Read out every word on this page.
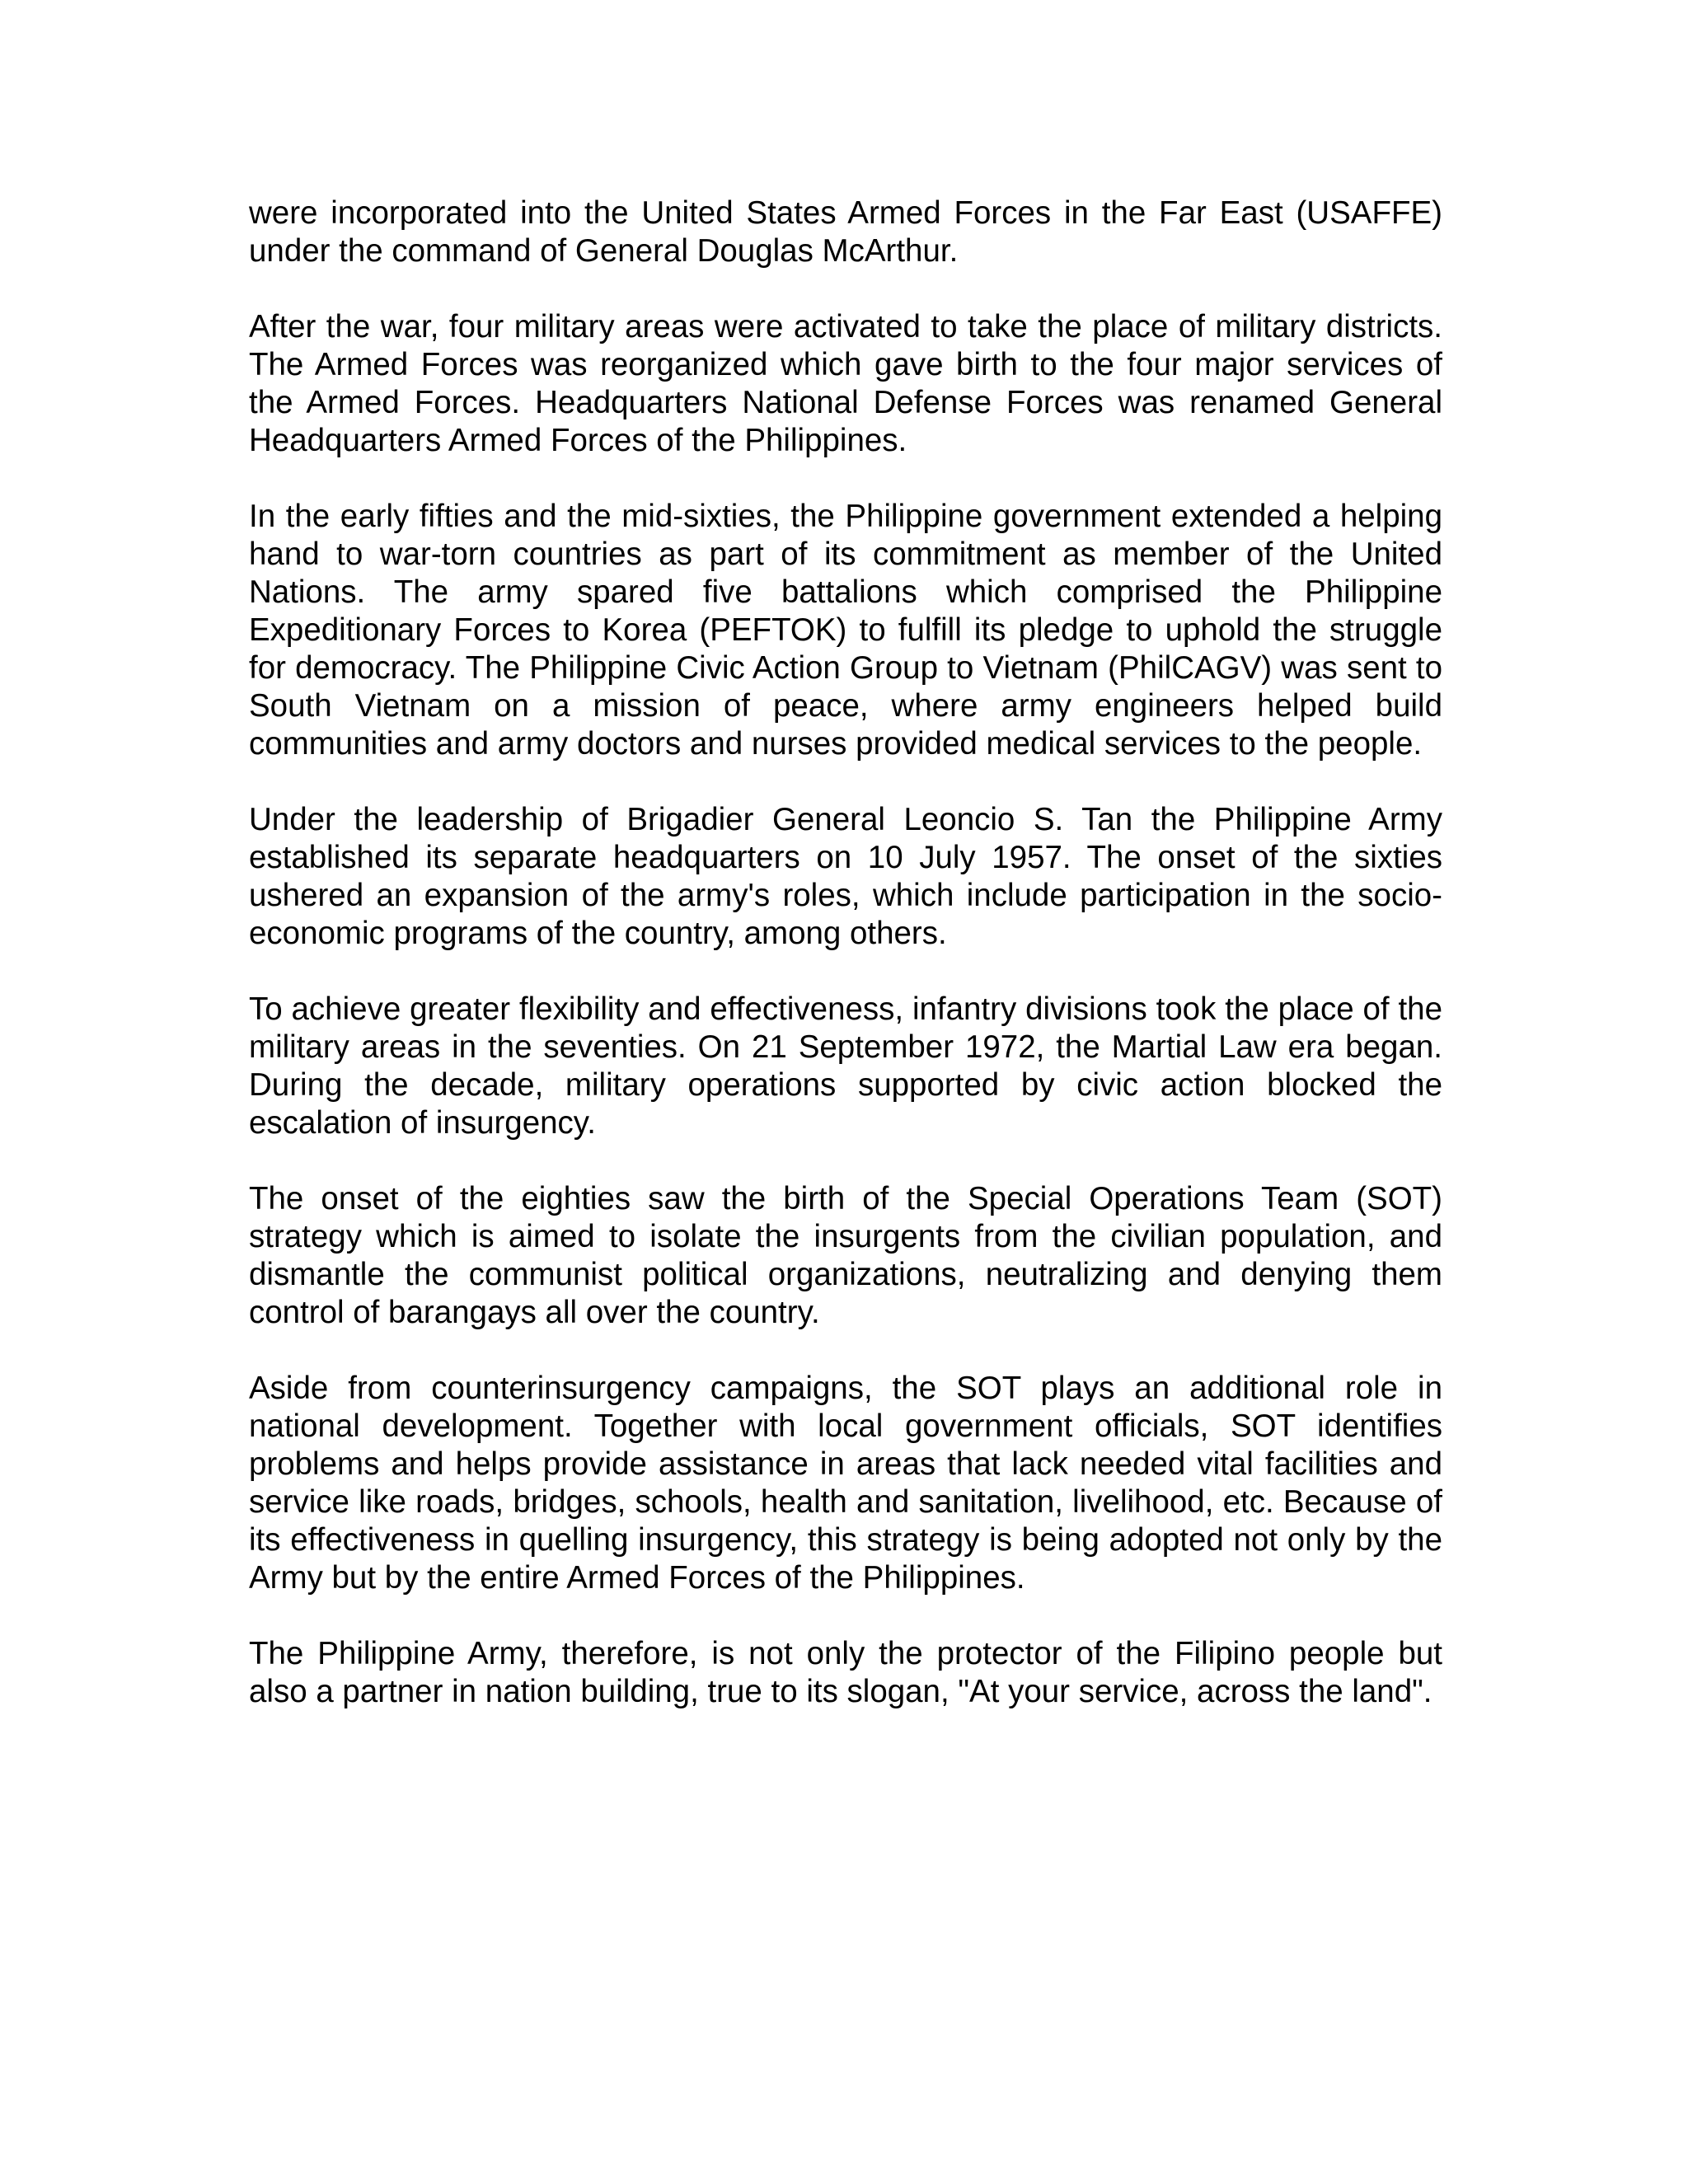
were incorporated into the United States Armed Forces in the Far East (USAFFE) under the command of General Douglas McArthur.

After the war, four military areas were activated to take the place of military districts. The Armed Forces was reorganized which gave birth to the four major services of the Armed Forces. Headquarters National Defense Forces was renamed General Headquarters Armed Forces of the Philippines.

In the early fifties and the mid-sixties, the Philippine government extended a helping hand to war-torn countries as part of its commitment as member of the United Nations. The army spared five battalions which comprised the Philippine Expeditionary Forces to Korea (PEFTOK) to fulfill its pledge to uphold the struggle for democracy. The Philippine Civic Action Group to Vietnam (PhilCAGV) was sent to South Vietnam on a mission of peace, where army engineers helped build communities and army doctors and nurses provided medical services to the people.

Under the leadership of Brigadier General Leoncio S. Tan the Philippine Army established its separate headquarters on 10 July 1957. The onset of the sixties ushered an expansion of the army's roles, which include participation in the socio-economic programs of the country, among others.

To achieve greater flexibility and effectiveness, infantry divisions took the place of the military areas in the seventies. On 21 September 1972, the Martial Law era began. During the decade, military operations supported by civic action blocked the escalation of insurgency.

The onset of the eighties saw the birth of the Special Operations Team (SOT) strategy which is aimed to isolate the insurgents from the civilian population, and dismantle the communist political organizations, neutralizing and denying them control of barangays all over the country.

Aside from counterinsurgency campaigns, the SOT plays an additional role in national development. Together with local government officials, SOT identifies problems and helps provide assistance in areas that lack needed vital facilities and service like roads, bridges, schools, health and sanitation, livelihood, etc. Because of its effectiveness in quelling insurgency, this strategy is being adopted not only by the Army but by the entire Armed Forces of the Philippines.

The Philippine Army, therefore, is not only the protector of the Filipino people but also a partner in nation building, true to its slogan, "At your service, across the land".
